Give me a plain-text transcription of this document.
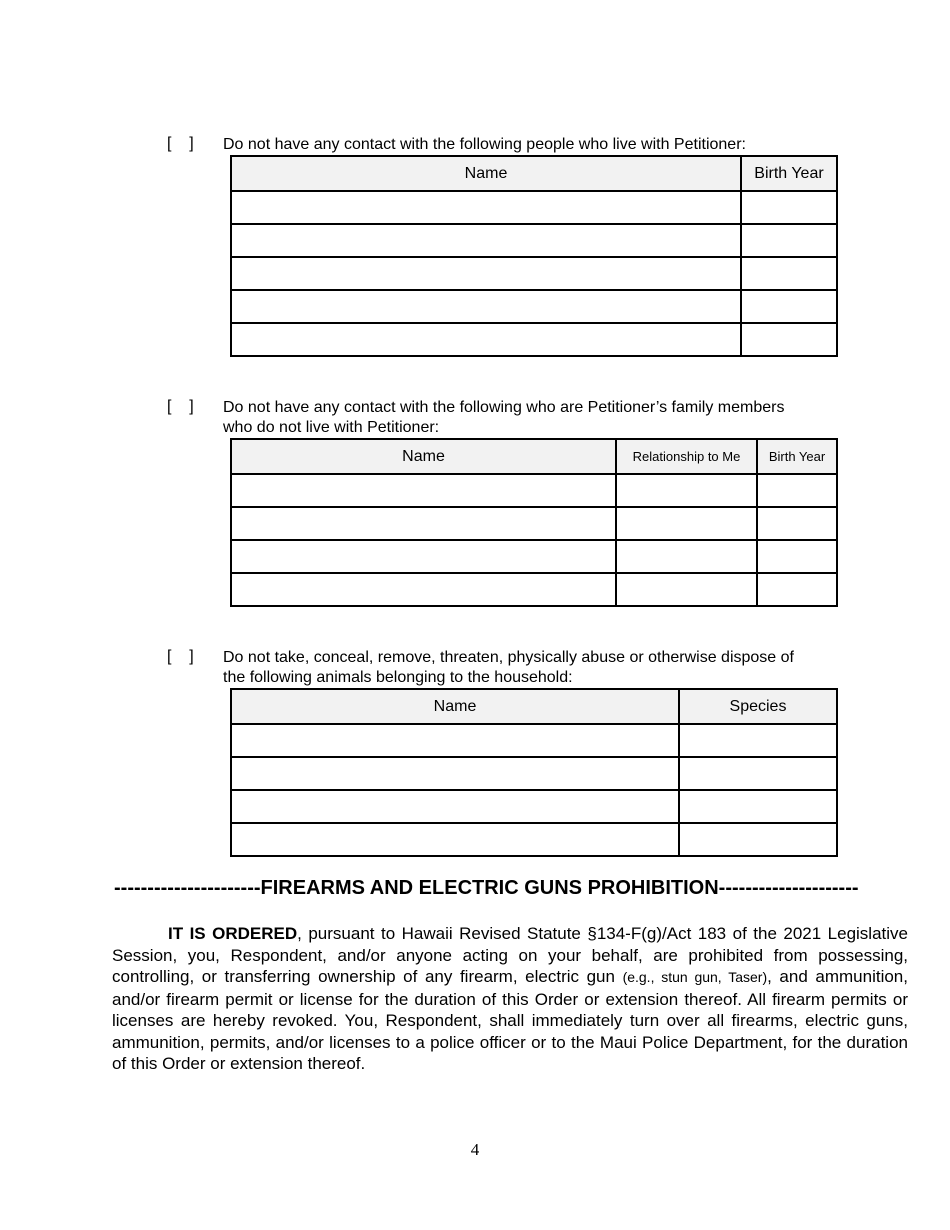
[    ] Do not have any contact with the following people who live with Petitioner:
Name	Birth Year

[    ] Do not have any contact with the following who are Petitioner’s family members
who do not live with Petitioner:
Name	Relationship to Me	Birth Year

[    ] Do not take, conceal, remove, threaten, physically abuse or otherwise dispose of
the following animals belonging to the household:
Name	Species

----------------------FIREARMS AND ELECTRIC GUNS PROHIBITION---------------------
IT IS ORDERED, pursuant to Hawaii Revised Statute §134-F(g)/Act 183 of the 2021 Legislative Session, you, Respondent, and/or anyone acting on your behalf, are prohibited from possessing, controlling, or transferring ownership of any firearm, electric gun (e.g., stun gun, Taser), and ammunition, and/or firearm permit or license for the duration of this Order or extension thereof. All firearm permits or licenses are hereby revoked. You, Respondent, shall immediately turn over all firearms, electric guns, ammunition, permits, and/or licenses to a police officer or to the Maui Police Department, for the duration of this Order or extension thereof.
4
